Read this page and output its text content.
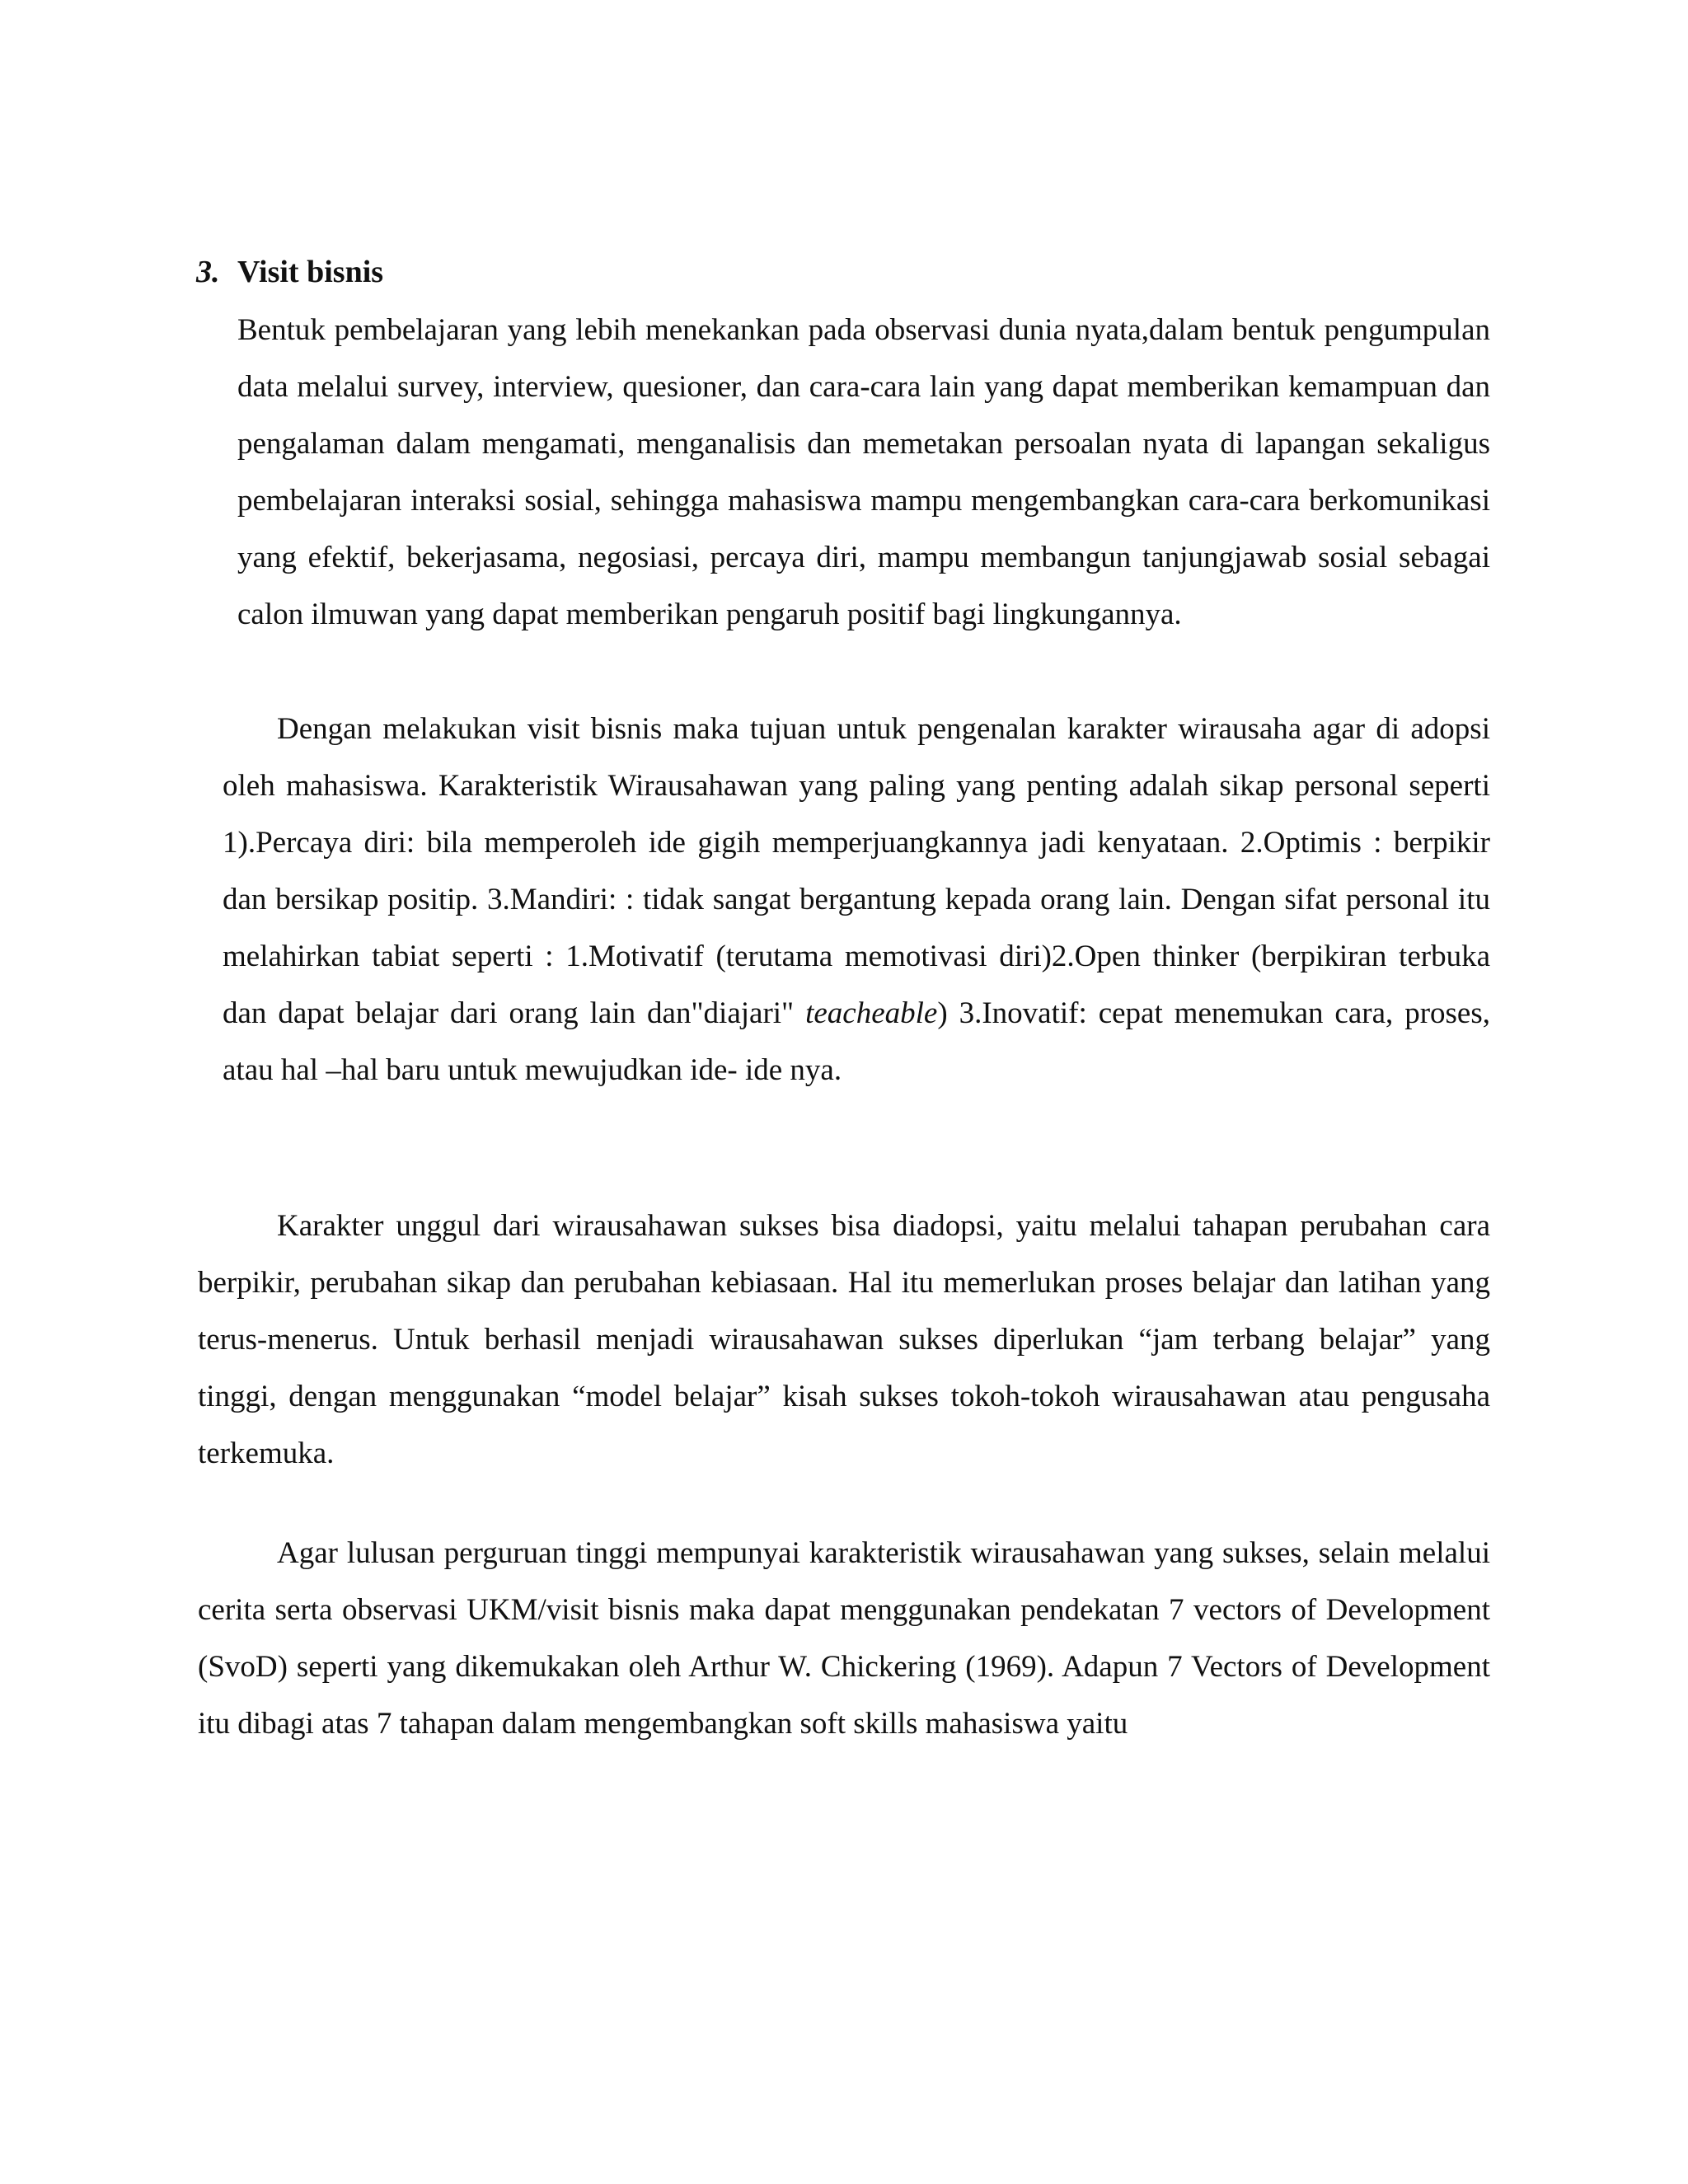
3. Visit bisnis

Bentuk pembelajaran yang lebih menekankan pada observasi dunia nyata,dalam bentuk pengumpulan data melalui survey, interview, quesioner, dan cara-cara lain yang dapat memberikan kemampuan dan pengalaman dalam mengamati, menganalisis dan memetakan persoalan nyata di lapangan sekaligus pembelajaran interaksi sosial, sehingga mahasiswa mampu mengembangkan cara-cara berkomunikasi yang efektif, bekerjasama, negosiasi, percaya diri, mampu membangun tanjungjawab sosial sebagai calon ilmuwan yang dapat memberikan pengaruh positif bagi lingkungannya.

Dengan melakukan visit bisnis maka tujuan untuk pengenalan karakter wirausaha agar di adopsi oleh mahasiswa. Karakteristik Wirausahawan yang paling yang penting adalah sikap personal seperti 1).Percaya diri: bila memperoleh ide gigih memperjuangkannya jadi kenyataan. 2.Optimis : berpikir dan bersikap positip. 3.Mandiri: : tidak sangat bergantung kepada orang lain. Dengan sifat personal itu melahirkan tabiat seperti : 1.Motivatif (terutama memotivasi diri)2.Open thinker (berpikiran terbuka dan dapat belajar dari orang lain dan"diajari" teacheable) 3.Inovatif: cepat menemukan cara, proses, atau hal –hal baru untuk mewujudkan ide- ide nya.

Karakter unggul dari wirausahawan sukses bisa diadopsi, yaitu melalui tahapan perubahan cara berpikir, perubahan sikap dan perubahan kebiasaan. Hal itu memerlukan proses belajar dan latihan yang terus-menerus. Untuk berhasil menjadi wirausahawan sukses diperlukan “jam terbang belajar” yang tinggi, dengan menggunakan “model belajar” kisah sukses tokoh-tokoh wirausahawan atau pengusaha terkemuka.

Agar lulusan perguruan tinggi mempunyai karakteristik wirausahawan yang sukses, selain melalui cerita serta observasi UKM/visit bisnis maka dapat menggunakan pendekatan 7 vectors of Development (SvoD) seperti yang dikemukakan oleh Arthur W. Chickering (1969). Adapun 7 Vectors of Development itu dibagi atas 7 tahapan dalam mengembangkan soft skills mahasiswa yaitu
